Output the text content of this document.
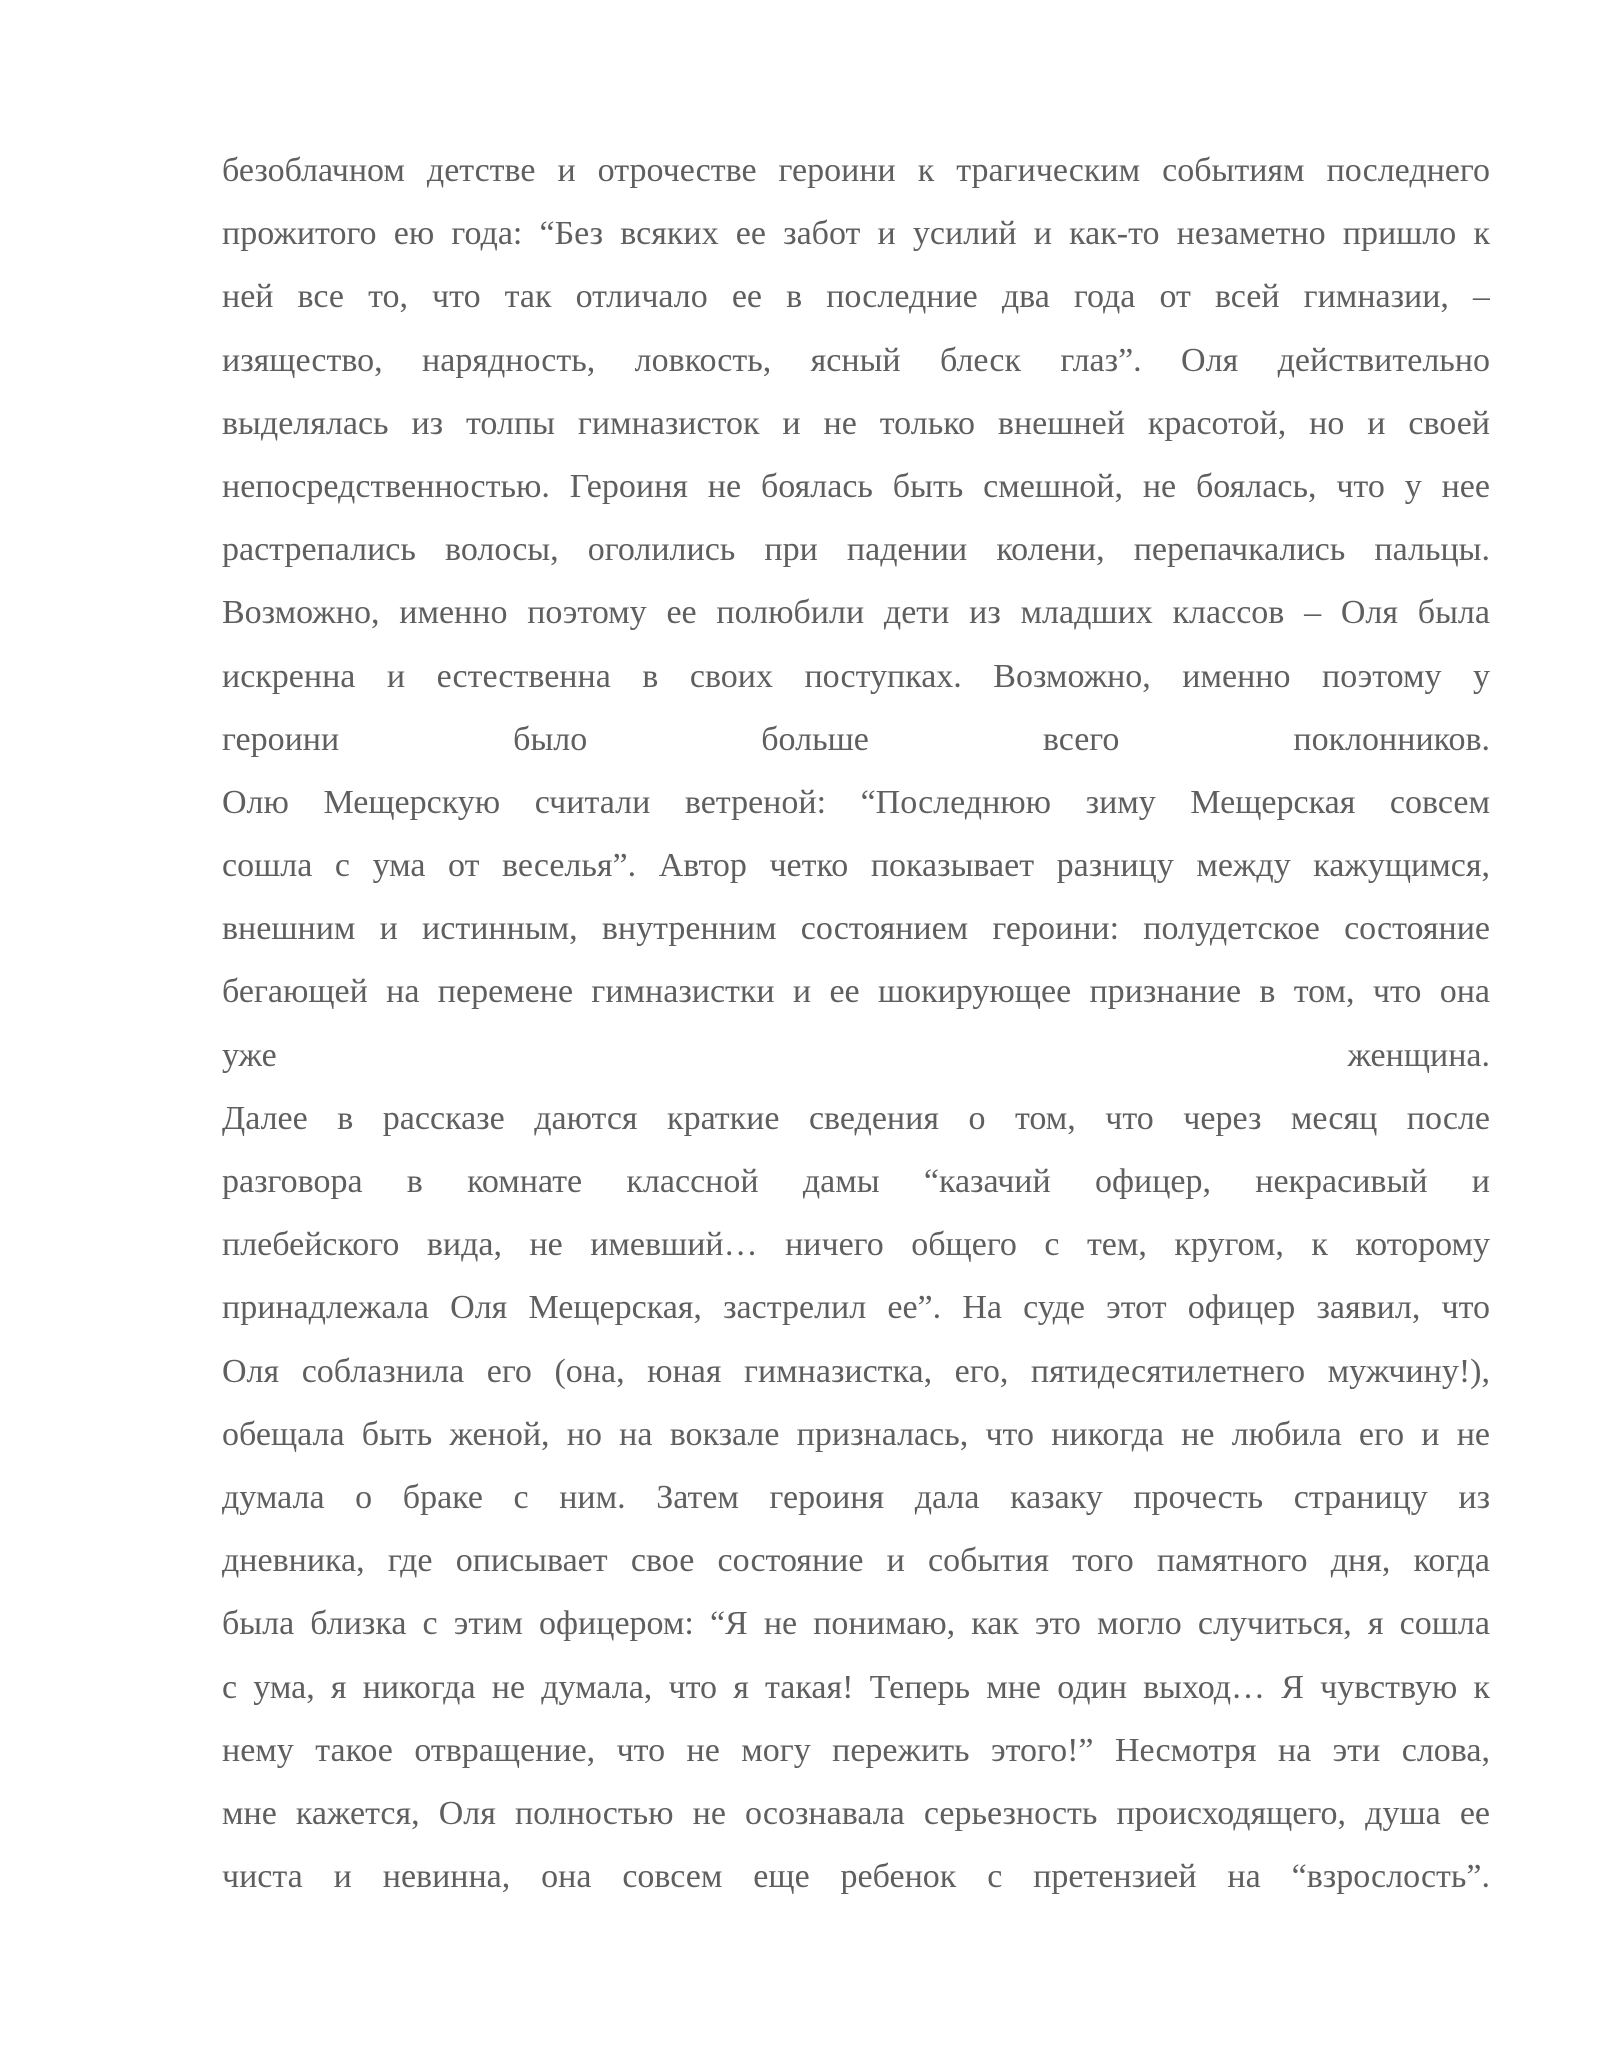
безоблачном детстве и отрочестве героини к трагическим событиям последнего
прожитого ею года: “Без всяких ее забот и усилий и как-то незаметно пришло к
ней все то, что так отличало ее в последние два года от всей гимназии, –
изящество, нарядность, ловкость, ясный блеск глаз”. Оля действительно
выделялась из толпы гимназисток и не только внешней красотой, но и своей
непосредственностью. Героиня не боялась быть смешной, не боялась, что у нее
растрепались волосы, оголились при падении колени, перепачкались пальцы.
Возможно, именно поэтому ее полюбили дети из младших классов – Оля была
искренна и естественна в своих поступках. Возможно, именно поэтому у
героини было больше всего поклонников.
Олю Мещерскую считали ветреной: “Последнюю зиму Мещерская совсем
сошла с ума от веселья”. Автор четко показывает разницу между кажущимся,
внешним и истинным, внутренним состоянием героини: полудетское состояние
бегающей на перемене гимназистки и ее шокирующее признание в том, что она
уже женщина.
Далее в рассказе даются краткие сведения о том, что через месяц после
разговора в комнате классной дамы “казачий офицер, некрасивый и
плебейского вида, не имевший… ничего общего с тем, кругом, к которому
принадлежала Оля Мещерская, застрелил ее”. На суде этот офицер заявил, что
Оля соблазнила его (она, юная гимназистка, его, пятидесятилетнего мужчину!),
обещала быть женой, но на вокзале призналась, что никогда не любила его и не
думала о браке с ним. Затем героиня дала казаку прочесть страницу из
дневника, где описывает свое состояние и события того памятного дня, когда
была близка с этим офицером: “Я не понимаю, как это могло случиться, я сошла
с ума, я никогда не думала, что я такая! Теперь мне один выход… Я чувствую к
нему такое отвращение, что не могу пережить этого!” Несмотря на эти слова,
мне кажется, Оля полностью не осознавала серьезность происходящего, душа ее
чиста и невинна, она совсем еще ребенок с претензией на “взрослость”.
